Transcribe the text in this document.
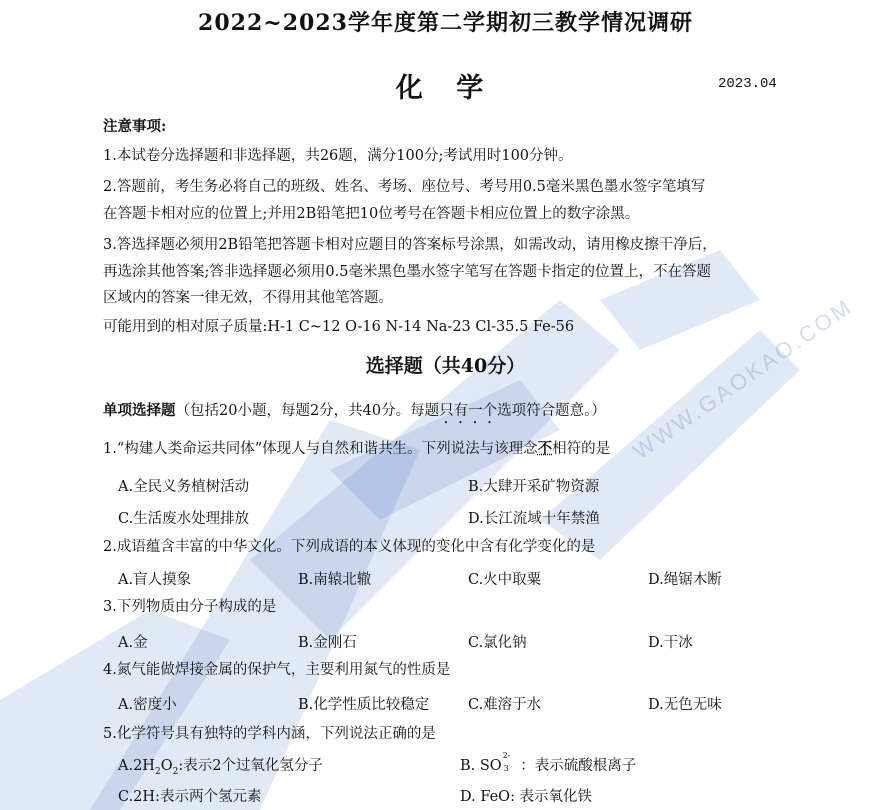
WWW.GAOKAO.COM
2022~2023学年度第二学期初三教学情况调研
化 学	2023.04
注意事项:
1.本试卷分选择题和非选择题，共26题，满分100分;考试用时100分钟。
2.答题前，考生务必将自己的班级、姓名、考场、座位号、考号用0.5毫米黑色墨水签字笔填写
在答题卡相对应的位置上;并用2B铅笔把10位考号在答题卡相应位置上的数字涂黑。
3.答选择题必须用2B铅笔把答题卡相对应题目的答案标号涂黑，如需改动，请用橡皮擦干净后，
再选涂其他答案;答非选择题必须用0.5毫米黑色墨水签字笔写在答题卡指定的位置上，不在答题
区域内的答案一律无效，不得用其他笔答题。
可能用到的相对原子质量:H-1 C~12 O-16 N-14 Na-23 Cl-35.5 Fe-56
选择题（共40分）
单项选择题（包括20小题，每题2分，共40分。每题只有一个选项符合题意。）
1.“构建人类命运共同体”体现人与自然和谐共生。下列说法与该理念不相符的是
A.全民义务植树活动	B.大肆开采矿物资源
C.生活废水处理排放	D.长江流域十年禁渔
2.成语蕴含丰富的中华文化。下列成语的本义体现的变化中含有化学变化的是
A.盲人摸象	B.南辕北辙	C.火中取粟	D.绳锯木断
3.下列物质由分子构成的是
A.金	B.金刚石	C.氯化钠	D.干冰
4.氮气能做焊接金属的保护气，主要利用氮气的性质是
A.密度小	B.化学性质比较稳定	C.难溶于水	D.无色无味
5.化学符号具有独特的学科内涵，下列说法正确的是
$A.2H_2O_2$:表示2个过氧化氢分子	B. SO
2-
3 ：表示硫酸根离子
C.2H:表示两个氢元素	D. FeO: 表示氧化铁
